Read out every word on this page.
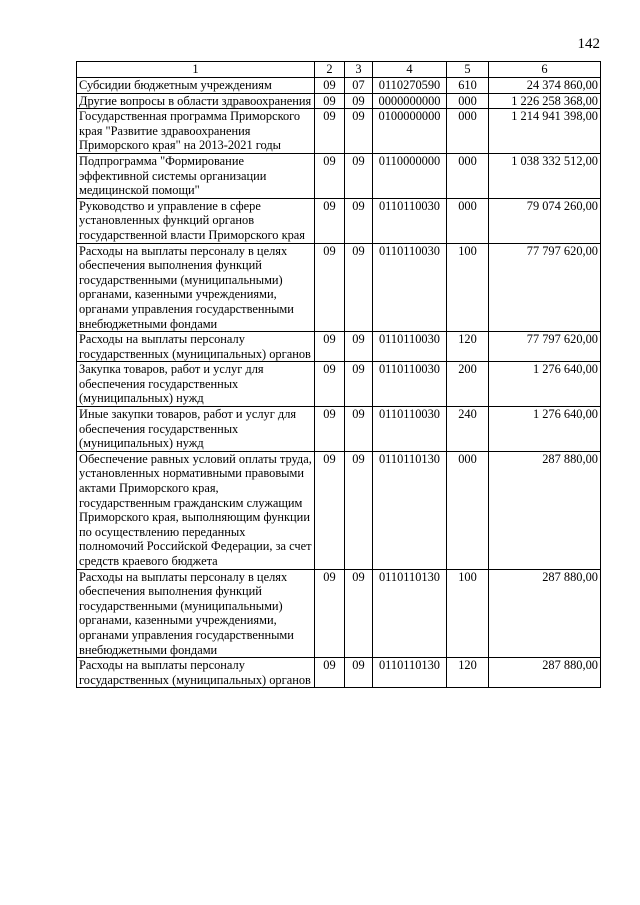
142
1	2	3	4	5	6
Субсидии бюджетным учреждениям	09	07	0110270590	610	24 374 860,00
Другие вопросы в области здравоохранения	09	09	0000000000	000	1 226 258 368,00
Государственная программа Приморского края "Развитие здравоохранения Приморского края" на 2013-2021 годы	09	09	0100000000	000	1 214 941 398,00
Подпрограмма "Формирование эффективной системы организации медицинской помощи"	09	09	0110000000	000	1 038 332 512,00
Руководство и управление в сфере установленных функций органов государственной власти Приморского края	09	09	0110110030	000	79 074 260,00
Расходы на выплаты персоналу в целях обеспечения выполнения функций государственными (муниципальными) органами, казенными учреждениями, органами управления государственными внебюджетными фондами	09	09	0110110030	100	77 797 620,00
Расходы на выплаты персоналу государственных (муниципальных) органов	09	09	0110110030	120	77 797 620,00
Закупка товаров, работ и услуг для обеспечения государственных (муниципальных) нужд	09	09	0110110030	200	1 276 640,00
Иные закупки товаров, работ и услуг для обеспечения государственных (муниципальных) нужд	09	09	0110110030	240	1 276 640,00
Обеспечение равных условий оплаты труда, установленных нормативными правовыми актами Приморского края, государственным гражданским служащим Приморского края, выполняющим функции по осуществлению переданных полномочий Российской Федерации, за счет средств краевого бюджета	09	09	0110110130	000	287 880,00
Расходы на выплаты персоналу в целях обеспечения выполнения функций государственными (муниципальными) органами, казенными учреждениями, органами управления государственными внебюджетными фондами	09	09	0110110130	100	287 880,00
Расходы на выплаты персоналу государственных (муниципальных) органов	09	09	0110110130	120	287 880,00
